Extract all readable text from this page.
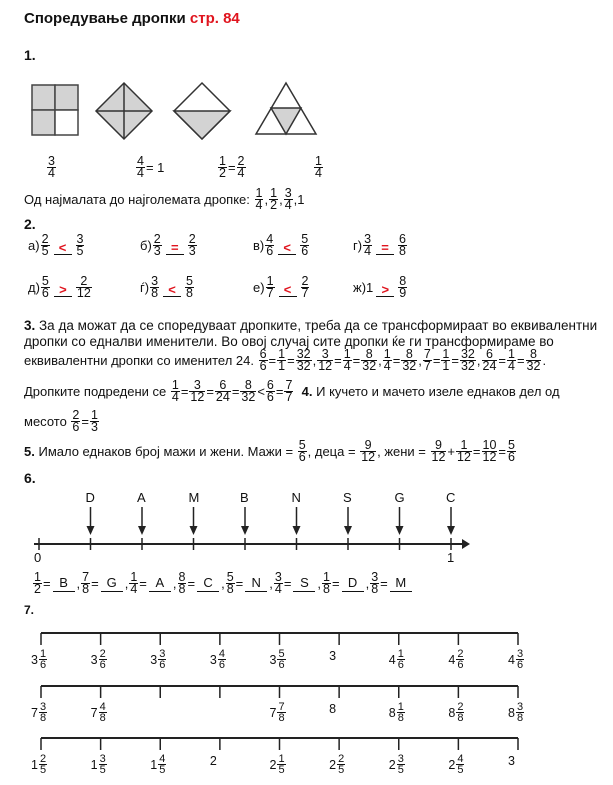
Споредување дропки стр. 84
1.
$\frac{3}{4}$	$\frac{4}{4} = 1$	$\frac{1}{2} = \frac{2}{4}$	$\frac{1}{4}$
Од најмалата до најголемата дропке:
$\frac{1}{4}$ , $\frac{1}{2}$ , $\frac{3}{4}$ , 1
2.
$а) \frac{2}{5} < \frac{3}{5}$	$б) \frac{2}{3} = \frac{2}{3}$	$в) \frac{4}{6} < \frac{5}{6}$	$г) \frac{3}{4} = \frac{6}{8}$
$д) \frac{5}{6} > \frac{2}{12}$	$ѓ) \frac{3}{8} < \frac{5}{8}$	$е) \frac{1}{7} < \frac{2}{7}$	ж) $1 > \frac{8}{9}$
3. За да можат да се споредуваат дропките, треба да се трансформираат во еквивалентни
дропки со едналви именители. Во овој случај сите дропки ќе ги трансформираме во
еквивалентни дропки со именител 24.
$\frac{6}{6} = \frac{1}{1} = \frac{32}{32}$ , $\frac{3}{12} = \frac{1}{4} = \frac{8}{32}$ , $\frac{1}{4} = \frac{8}{32}$ , $\frac{7}{7} = \frac{1}{1} = \frac{32}{32}$ , $\frac{6}{24} = \frac{1}{4} = \frac{8}{32}$ .
Дропките подредени се
$\frac{1}{4} = \frac{3}{12} = \frac{6}{24} = \frac{8}{32} < \frac{6}{6} = \frac{7}{7}$
4.
И кучето и мачето изеле еднаков дел од
месото
$\frac{2}{6} = \frac{1}{3}$
5.
Имало еднаков број мажи и жени. Мажи =
$\frac{5}{6}$ , деца =
$\frac{9}{12}$ , жени =
$\frac{9}{12} + \frac{1}{12} = \frac{10}{12} = \frac{5}{6}$
6.
0	1
D	A	M	B	N	S	G	C
$\frac{1}{2} = B$ , $\frac{7}{8} = G$ , $\frac{1}{4} = A$ , $\frac{8}{8} = C$ , $\frac{5}{8} = N$ , $\frac{3}{4} = S$ , $\frac{1}{8} = D$ , $\frac{3}{8} = M$
7.
$3 \frac{1}{6}$	$3 \frac{2}{6}$	$3 \frac{3}{6}$	$3 \frac{4}{6}$	$3 \frac{5}{6}$	3	$4 \frac{1}{6}$	$4 \frac{2}{6}$	$4 \frac{3}{6}$
$7 \frac{3}{8}$	$7 \frac{4}{8}$	$7 \frac{7}{8}$	8	$8 \frac{1}{8}$	$8 \frac{2}{8}$	$8 \frac{3}{8}$
$1 \frac{2}{5}$	$1 \frac{3}{5}$	$1 \frac{4}{5}$	2	$2 \frac{1}{5}$	$2 \frac{2}{5}$	$2 \frac{3}{5}$	$2 \frac{4}{5}$	3
